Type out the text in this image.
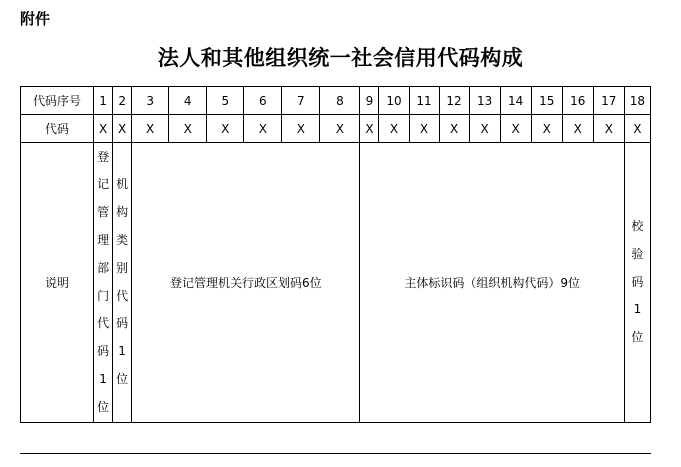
附件
法人和其他组织统一社会信用代码构成
代码序号	1	2	3	4	5	6	7	8	9	10	11	12	13	14	15	16	17	18
代码	X	X	X	X	X	X	X	X	X	X	X	X	X	X	X	X	X	X
说明	登记管理部门代码1位	机构类别代码1位	登记管理机关行政区划码6位						主体标识码（组织机构代码）9位									校验码1位
